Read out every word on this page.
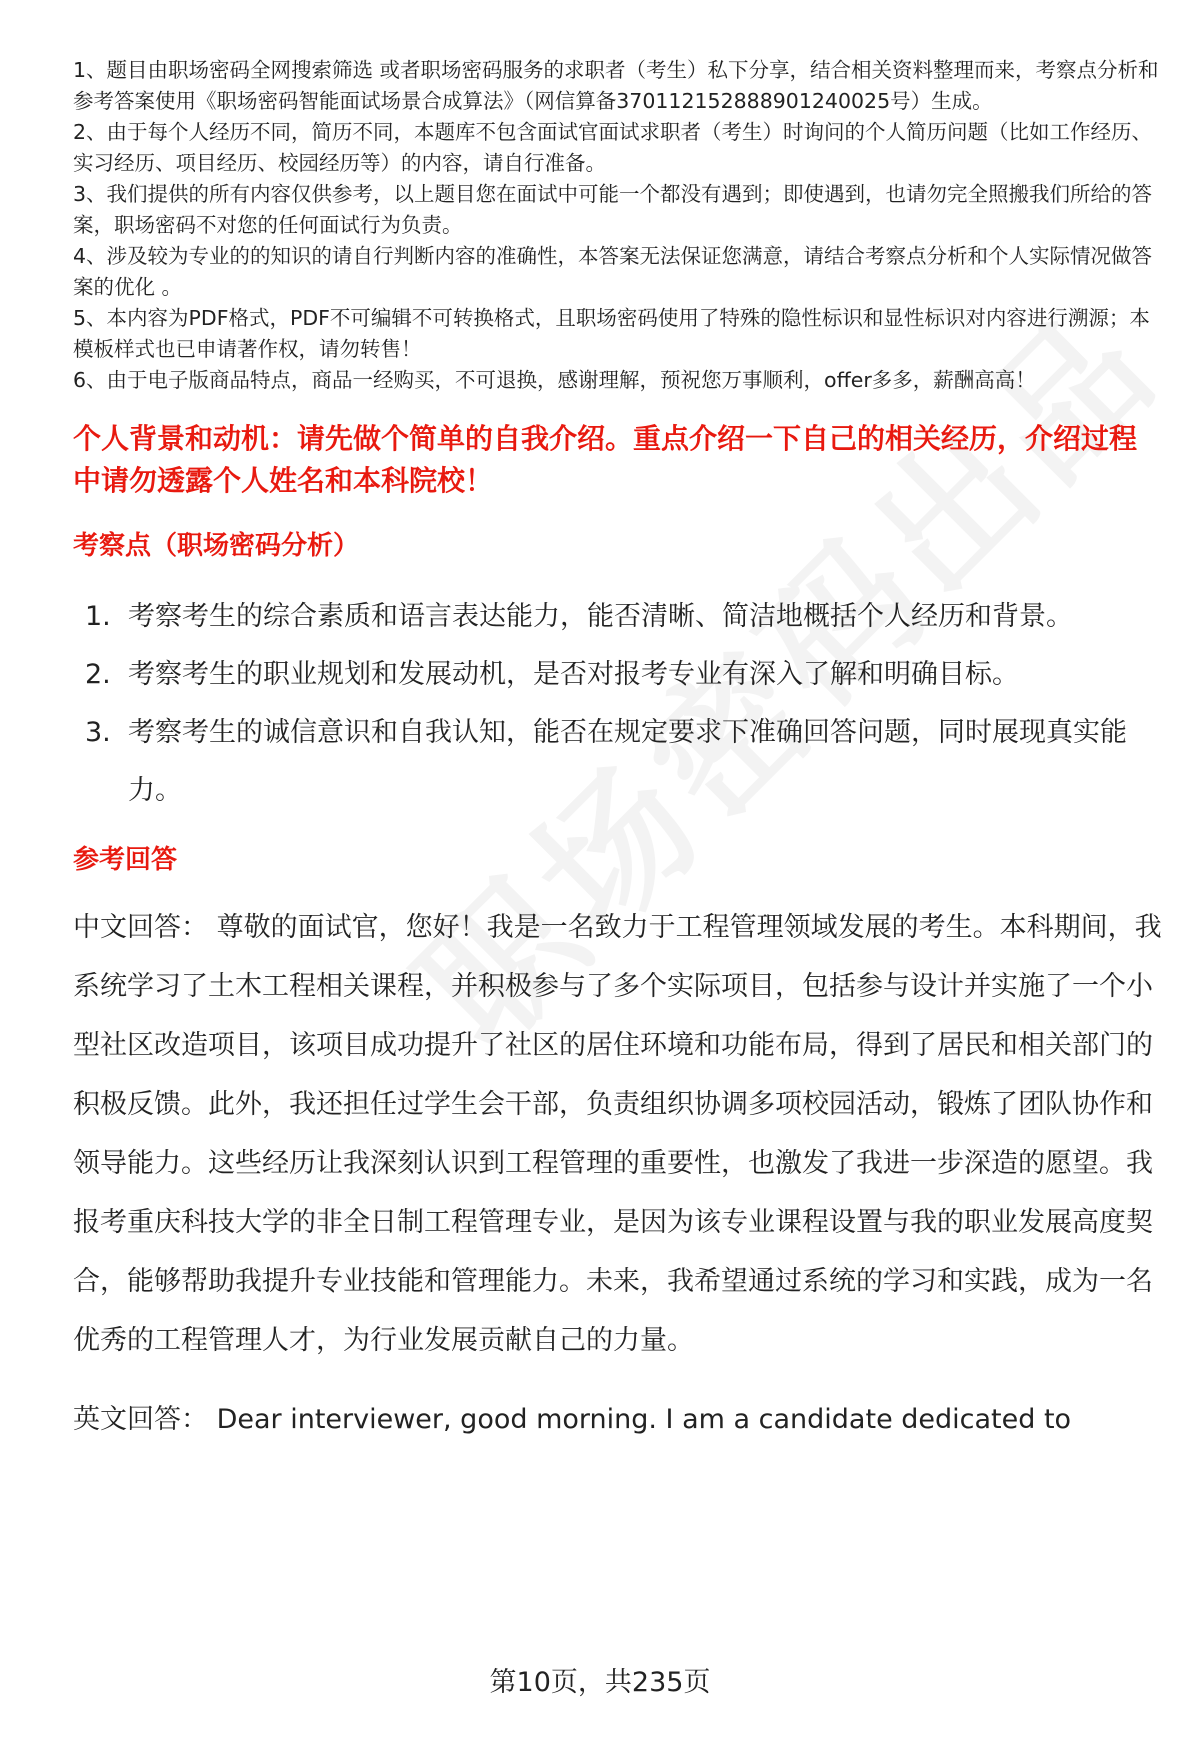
1、题目由职场密码全网搜索筛选 或者职场密码服务的求职者（考生）私下分享，结合相关资料整理而来，考察点分析和参考答案使用《职场密码智能面试场景合成算法》（网信算备370112152888901240025号）生成。
2、由于每个人经历不同，简历不同，本题库不包含面试官面试求职者（考生）时询问的个人简历问题（比如工作经历、实习经历、项目经历、校园经历等）的内容，请自行准备。
3、我们提供的所有内容仅供参考，以上题目您在面试中可能一个都没有遇到；即使遇到，也请勿完全照搬我们所给的答案，职场密码不对您的任何面试行为负责。
4、涉及较为专业的的知识的请自行判断内容的准确性，本答案无法保证您满意，请结合考察点分析和个人实际情况做答案的优化 。
5、本内容为PDF格式，PDF不可编辑不可转换格式，且职场密码使用了特殊的隐性标识和显性标识对内容进行溯源；本模板样式也已申请著作权，请勿转售！
6、由于电子版商品特点，商品一经购买，不可退换，感谢理解，预祝您万事顺利，offer多多，薪酬高高！
个人背景和动机：请先做个简单的自我介绍。重点介绍一下自己的相关经历，介绍过程中请勿透露个人姓名和本科院校！
考察点（职场密码分析）
1. 考察考生的综合素质和语言表达能力，能否清晰、简洁地概括个人经历和背景。
2. 考察考生的职业规划和发展动机，是否对报考专业有深入了解和明确目标。
3. 考察考生的诚信意识和自我认知，能否在规定要求下准确回答问题，同时展现真实能力。
参考回答
中文回答： 尊敬的面试官，您好！我是一名致力于工程管理领域发展的考生。本科期间，我系统学习了土木工程相关课程，并积极参与了多个实际项目，包括参与设计并实施了一个小型社区改造项目，该项目成功提升了社区的居住环境和功能布局，得到了居民和相关部门的积极反馈。此外，我还担任过学生会干部，负责组织协调多项校园活动，锻炼了团队协作和领导能力。这些经历让我深刻认识到工程管理的重要性，也激发了我进一步深造的愿望。我报考重庆科技大学的非全日制工程管理专业，是因为该专业课程设置与我的职业发展高度契合，能够帮助我提升专业技能和管理能力。未来，我希望通过系统的学习和实践，成为一名优秀的工程管理人才，为行业发展贡献自己的力量。
英文回答： Dear interviewer, good morning. I am a candidate dedicated to
第10页，共235页
